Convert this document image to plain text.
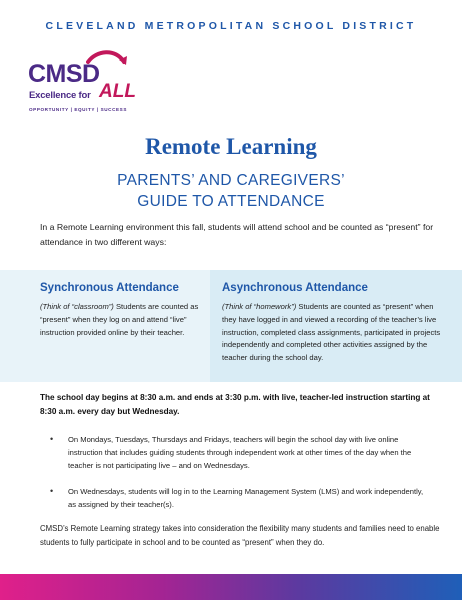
CLEVELAND METROPOLITAN SCHOOL DISTRICT
CMSD
Excellence for ALL
OPPORTUNITY | EQUITY | SUCCESS
Remote Learning
PARENTS’ AND CAREGIVERS’
GUIDE TO ATTENDANCE

In a Remote Learning environment this fall, students will attend school and be counted as “present” for attendance in two different ways:

Synchronous Attendance

(Think of “classroom”) Students are counted as “present” when they log on and attend “live” instruction provided online by their teacher.

Asynchronous Attendance

(Think of “homework”) Students are counted as “present” when they have logged in and viewed a recording of the teacher’s live instruction, completed class assignments, participated in projects independently and completed other activities assigned by the teacher during the school day.

The school day begins at 8:30 a.m. and ends at 3:30 p.m. with live, teacher-led instruction starting at 8:30 a.m. every day but Wednesday.

• On Mondays, Tuesdays, Thursdays and Fridays, teachers will begin the school day with live online instruction that includes guiding students through independent work at other times of the day when the teacher is not participating live – and on Wednesdays.
• On Wednesdays, students will log in to the Learning Management System (LMS) and work independently, as assigned by their teacher(s).

CMSD’s Remote Learning strategy takes into consideration the flexibility many students and families need to enable students to fully participate in school and to be counted as “present” when they do.
